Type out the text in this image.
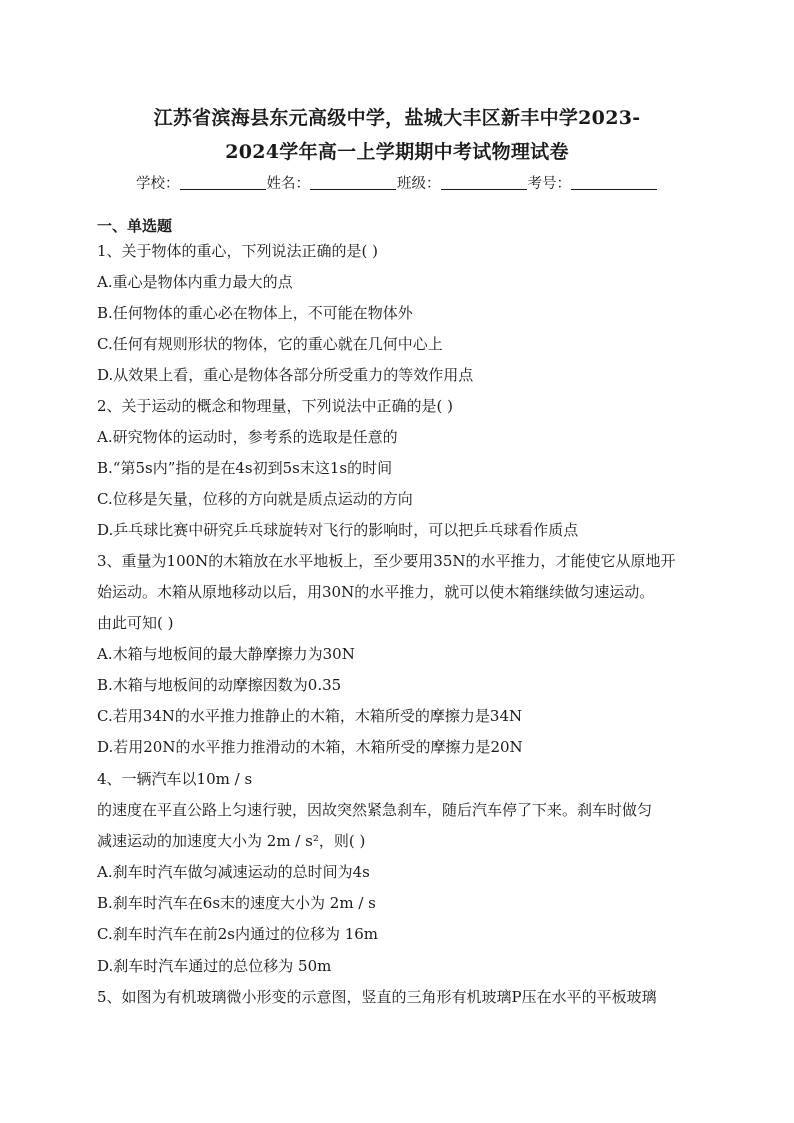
江苏省滨海县东元高级中学，盐城大丰区新丰中学2023-
2024学年高一上学期期中考试物理试卷
学校：	姓名：	班级：	考号：
一、单选题
1、关于物体的重心，下列说法正确的是( )
A.重心是物体内重力最大的点
B.任何物体的重心必在物体上，不可能在物体外
C.任何有规则形状的物体，它的重心就在几何中心上
D.从效果上看，重心是物体各部分所受重力的等效作用点
2、关于运动的概念和物理量，下列说法中正确的是( )
A.研究物体的运动时，参考系的选取是任意的
B.“第5s内”指的是在4s初到5s末这1s的时间
C.位移是矢量，位移的方向就是质点运动的方向
D.乒乓球比赛中研究乒乓球旋转对飞行的影响时，可以把乒乓球看作质点
3、重量为100N的木箱放在水平地板上，至少要用35N的水平推力，才能使它从原地开
始运动。木箱从原地移动以后，用30N的水平推力，就可以使木箱继续做匀速运动。
由此可知( )
A.木箱与地板间的最大静摩擦力为30N
B.木箱与地板间的动摩擦因数为0.35
C.若用34N的水平推力推静止的木箱，木箱所受的摩擦力是34N
D.若用20N的水平推力推滑动的木箱，木箱所受的摩擦力是20N
4、一辆汽车以10m / s
的速度在平直公路上匀速行驶，因故突然紧急刹车，随后汽车停了下来。刹车时做匀
减速运动的加速度大小为 2m / s²，则( )
A.刹车时汽车做匀减速运动的总时间为4s
B.刹车时汽车在6s末的速度大小为 2m / s
C.刹车时汽车在前2s内通过的位移为 16m
D.刹车时汽车通过的总位移为 50m
5、如图为有机玻璃微小形变的示意图，竖直的三角形有机玻璃P压在水平的平板玻璃
